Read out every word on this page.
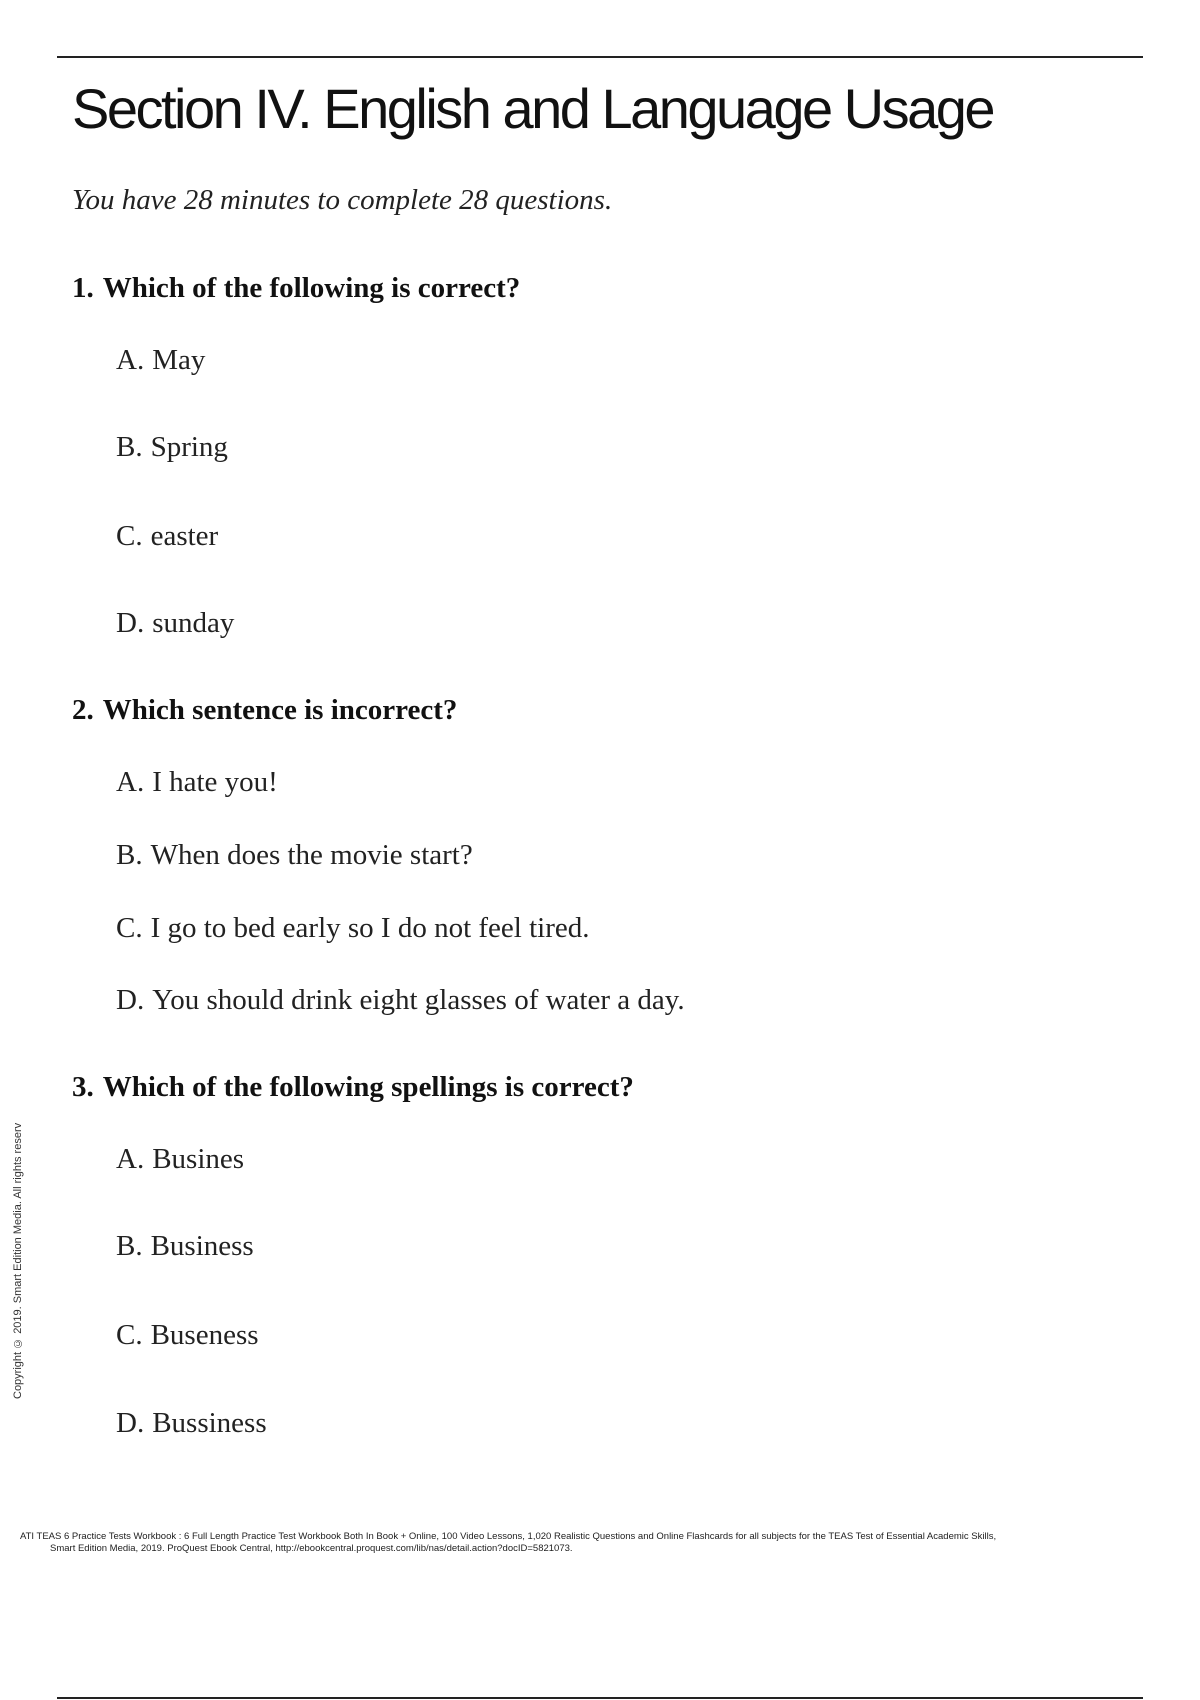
Section IV. English and Language Usage

You have 28 minutes to complete 28 questions.

1. Which of the following is correct?
A. May
B. Spring
C. easter
D. sunday
2. Which sentence is incorrect?
A. I hate you!
B. When does the movie start?
C. I go to bed early so I do not feel tired.
D. You should drink eight glasses of water a day.
3. Which of the following spellings is correct?
A. Busines
B. Business
C. Buseness
D. Bussiness
Copyright © 2019. Smart Edition Media. All rights reserv

ATI TEAS 6 Practice Tests Workbook : 6 Full Length Practice Test Workbook Both In Book + Online, 100 Video Lessons, 1,020 Realistic Questions and Online Flashcards for all subjects for the TEAS Test of Essential Academic Skills, Smart Edition Media, 2019. ProQuest Ebook Central, http://ebookcentral.proquest.com/lib/nas/detail.action?docID=5821073.
